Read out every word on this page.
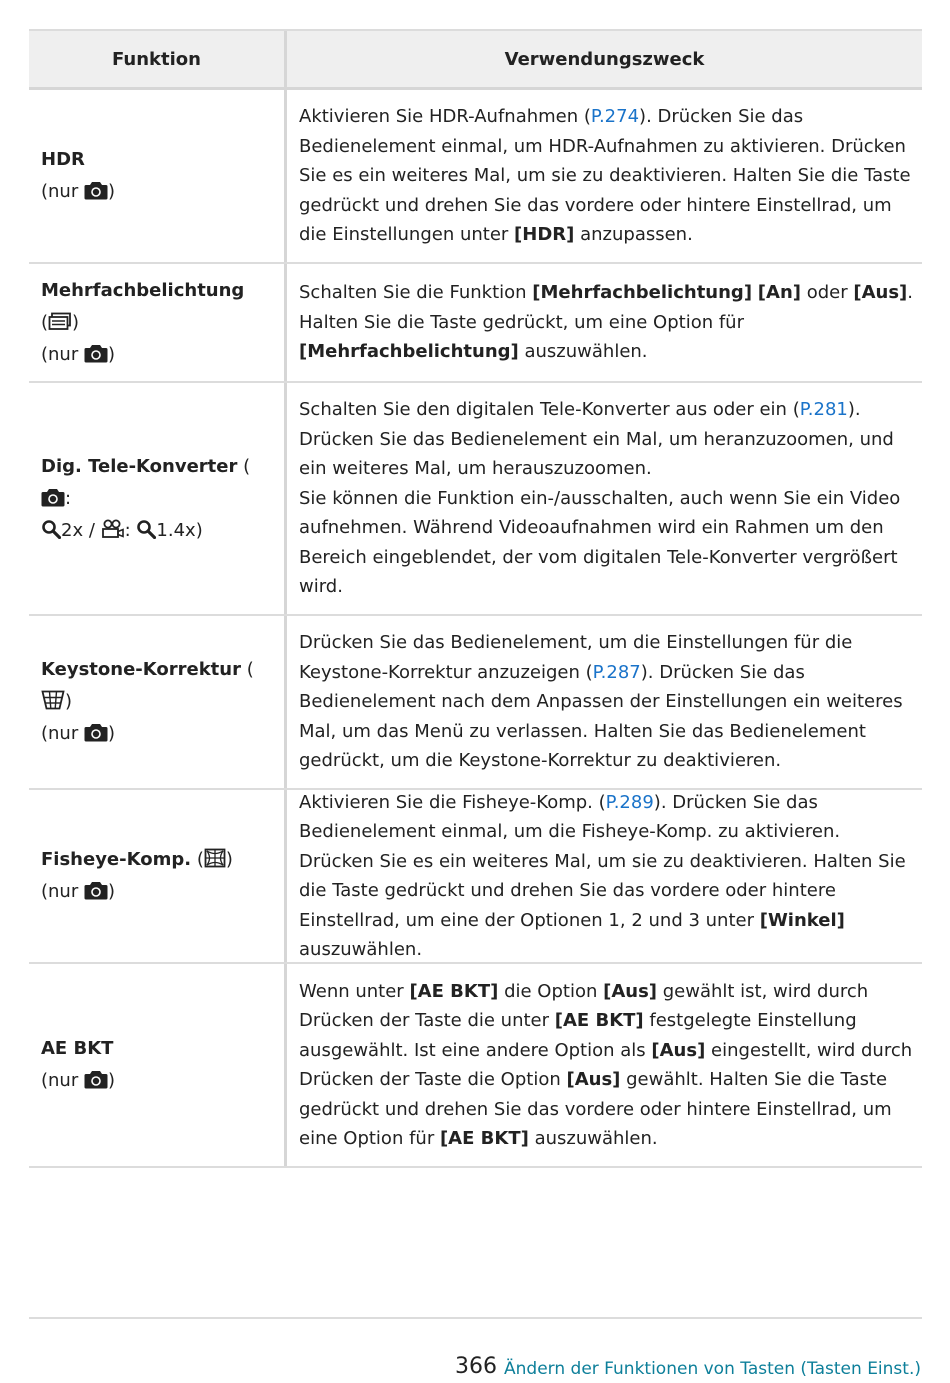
Funktion	Verwendungszweck
HDR
(nur
)

Aktivieren Sie HDR-Aufnahmen (P.274). Drücken Sie das Bedienelement einmal, um HDR-Aufnahmen zu aktivieren. Drücken Sie es ein weiteres Mal, um sie zu deaktivieren. Halten Sie die Taste gedrückt und drehen Sie das vordere oder hintere Einstellrad, um die Einstellungen unter [HDR] anzupassen.

Mehrfachbelichtung
( )
(nur
)

Schalten Sie die Funktion [Mehrfachbelichtung] [An] oder [Aus]. Halten Sie die Taste gedrückt, um eine Option für [Mehrfachbelichtung] auszuwählen.

Dig. Tele-Konverter (
:
2x /
:
1.4x)

Schalten Sie den digitalen Tele-Konverter aus oder ein (P.281). Drücken Sie das Bedienelement ein Mal, um heranzuzoomen, und ein weiteres Mal, um herauszuzoomen.
Sie können die Funktion ein-/ausschalten, auch wenn Sie ein Video aufnehmen. Während Videoaufnahmen wird ein Rahmen um den Bereich eingeblendet, der vom digitalen Tele-Konverter vergrößert wird.

Keystone-Korrektur (
)
(nur
)

Drücken Sie das Bedienelement, um die Einstellungen für die Keystone-Korrektur anzuzeigen (P.287). Drücken Sie das Bedienelement nach dem Anpassen der Einstellungen ein weiteres Mal, um das Menü zu verlassen. Halten Sie das Bedienelement gedrückt, um die Keystone-Korrektur zu deaktivieren.

Fisheye-Komp. ( )
(nur
)

Aktivieren Sie die Fisheye-Komp. (P.289). Drücken Sie das Bedienelement einmal, um die Fisheye-Komp. zu aktivieren. Drücken Sie es ein weiteres Mal, um sie zu deaktivieren. Halten Sie die Taste gedrückt und drehen Sie das vordere oder hintere Einstellrad, um eine der Optionen 1, 2 und 3 unter [Winkel] auszuwählen.

AE BKT
(nur
)

Wenn unter [AE BKT] die Option [Aus] gewählt ist, wird durch Drücken der Taste die unter [AE BKT] festgelegte Einstellung ausgewählt. Ist eine andere Option als [Aus] eingestellt, wird durch Drücken der Taste die Option [Aus] gewählt. Halten Sie die Taste gedrückt und drehen Sie das vordere oder hintere Einstellrad, um eine Option für [AE BKT] auszuwählen.

366 Ändern der Funktionen von Tasten (Tasten Einst.)
